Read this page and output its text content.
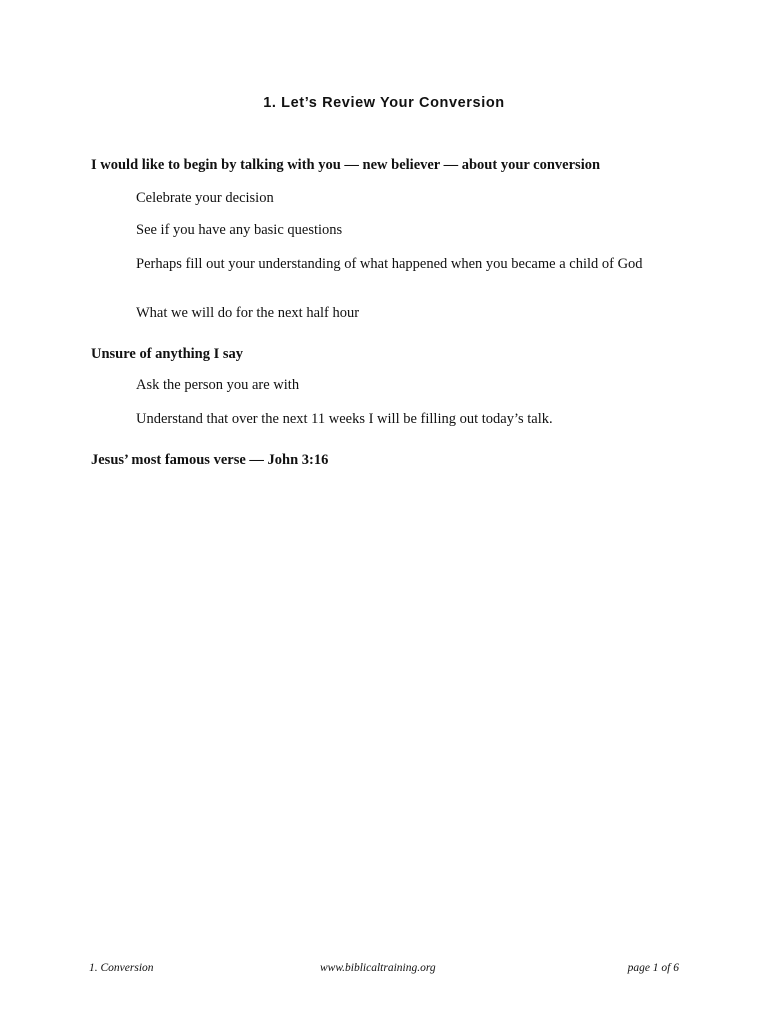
1. Let’s Review Your Conversion
I would like to begin by talking with you — new believer — about your conversion
Celebrate your decision
See if you have any basic questions
Perhaps fill out your understanding of what happened when you became a child of God
What we will do for the next half hour
Unsure of anything I say
Ask the person you are with
Understand that over the next 11 weeks I will be filling out today’s talk.
Jesus’ most famous verse — John 3:16
1. Conversion	www.biblicaltraining.org	page 1 of 6
